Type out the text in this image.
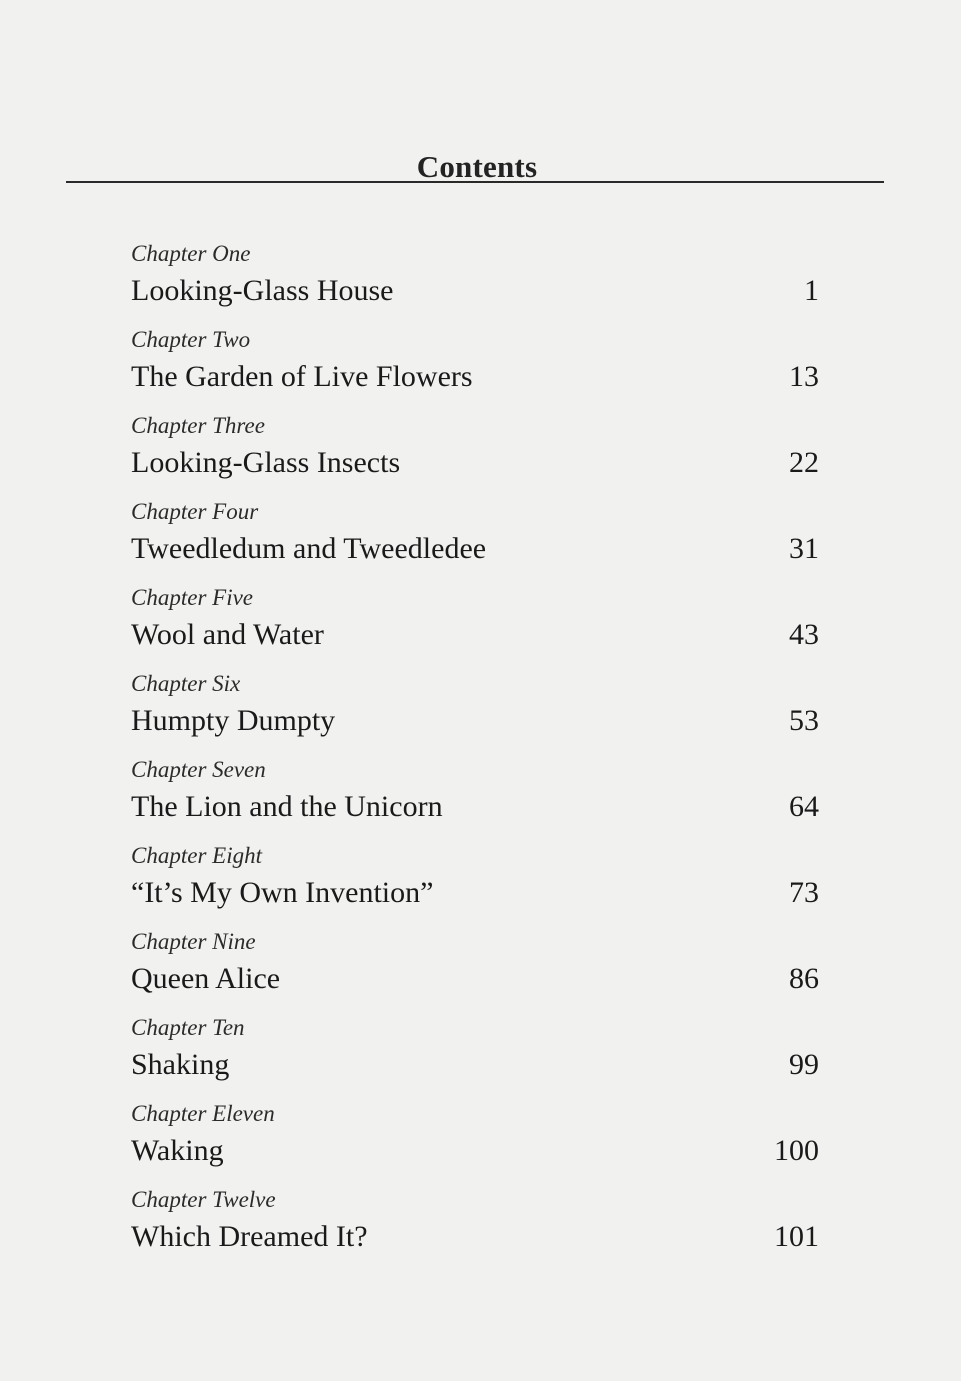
Contents
Chapter One
Looking-Glass House	1
Chapter Two
The Garden of Live Flowers	13
Chapter Three
Looking-Glass Insects	22
Chapter Four
Tweedledum and Tweedledee	31
Chapter Five
Wool and Water	43
Chapter Six
Humpty Dumpty	53
Chapter Seven
The Lion and the Unicorn	64
Chapter Eight
“It’s My Own Invention”	73
Chapter Nine
Queen Alice	86
Chapter Ten
Shaking	99
Chapter Eleven
Waking	100
Chapter Twelve
Which Dreamed It?	101
